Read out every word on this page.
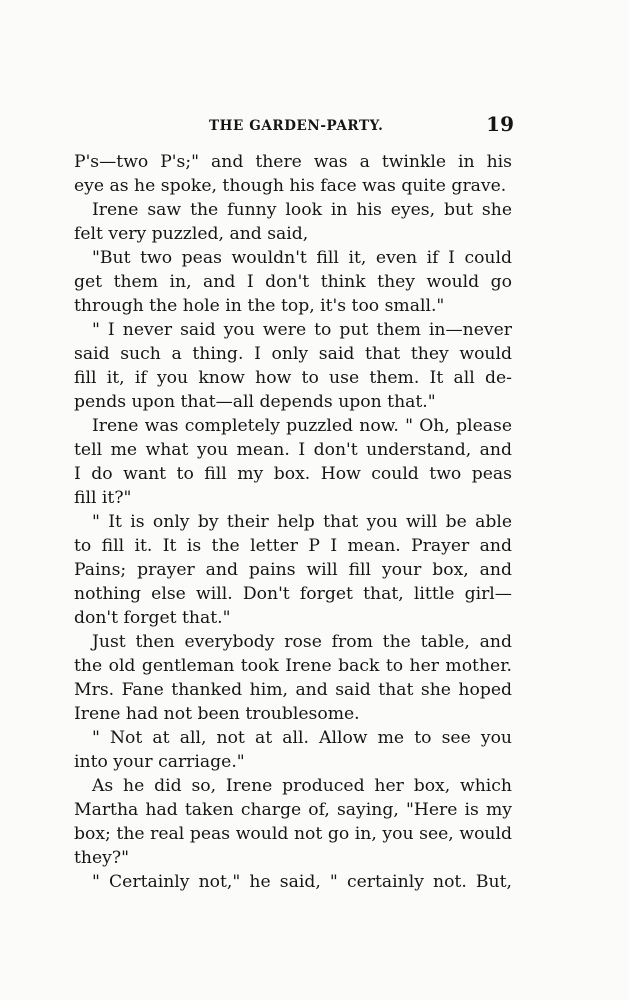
THE GARDEN-PARTY.	19
P's—two P's;" and there was a twinkle in his
eye as he spoke, though his face was quite grave.
Irene saw the funny look in his eyes, but she
felt very puzzled, and said,
"But two peas wouldn't fill it, even if I could
get them in, and I don't think they would go
through the hole in the top, it's too small."
" I never said you were to put them in—never
said such a thing. I only said that they would
fill it, if you know how to use them. It all de-
pends upon that—all depends upon that."
Irene was completely puzzled now. " Oh, please
tell me what you mean. I don't understand, and
I do want to fill my box. How could two peas
fill it?"
" It is only by their help that you will be able
to fill it. It is the letter P I mean. Prayer and
Pains; prayer and pains will fill your box, and
nothing else will. Don't forget that, little girl—
don't forget that."
Just then everybody rose from the table, and
the old gentleman took Irene back to her mother.
Mrs. Fane thanked him, and said that she hoped
Irene had not been troublesome.
" Not at all, not at all. Allow me to see you
into your carriage."
As he did so, Irene produced her box, which
Martha had taken charge of, saying, "Here is my
box; the real peas would not go in, you see, would
they?"
" Certainly not," he said, " certainly not. But,
